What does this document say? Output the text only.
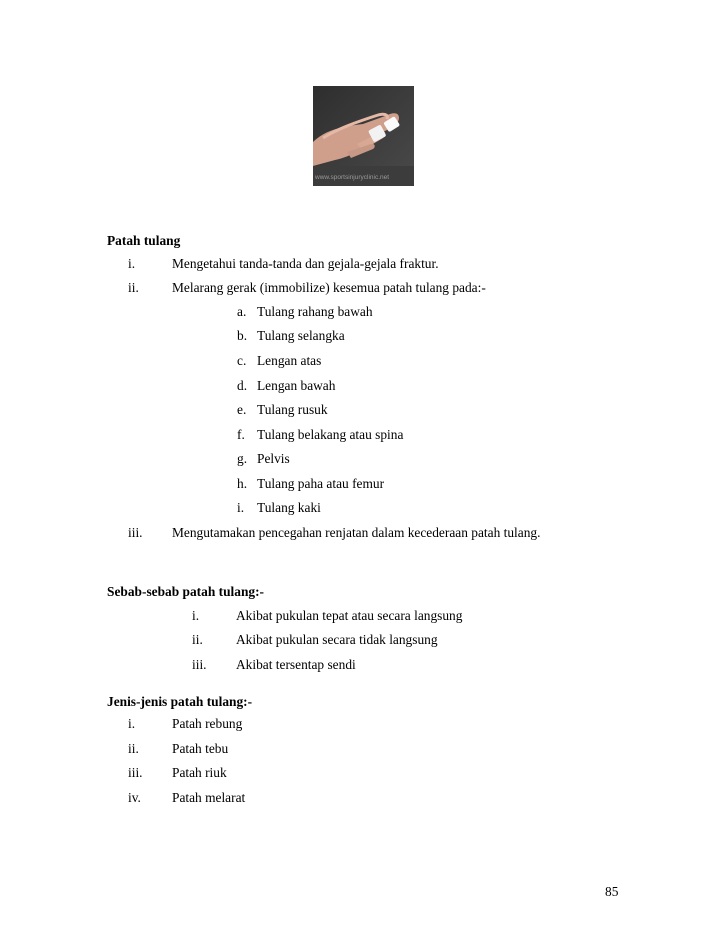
www.sportsinjuryclinic.net
Patah tulang
i.	Mengetahui tanda-tanda dan gejala-gejala fraktur.
ii. Melarang gerak (immobilize) kesemua patah tulang pada:-
a. Tulang rahang bawah
b. Tulang selangka
c. Lengan atas
d. Lengan bawah
e. Tulang rusuk
f. Tulang belakang atau spina
g. Pelvis
h. Tulang paha atau femur
i. Tulang kaki
iii. Mengutamakan pencegahan renjatan dalam kecederaan patah tulang.
Sebab-sebab patah tulang:-
i.	Akibat pukulan tepat atau secara langsung
ii. Akibat pukulan secara tidak langsung
iii. Akibat tersentap sendi
Jenis-jenis patah tulang:-
i.	Patah rebung
ii. Patah tebu
iii. Patah riuk
iv. Patah melarat
85
